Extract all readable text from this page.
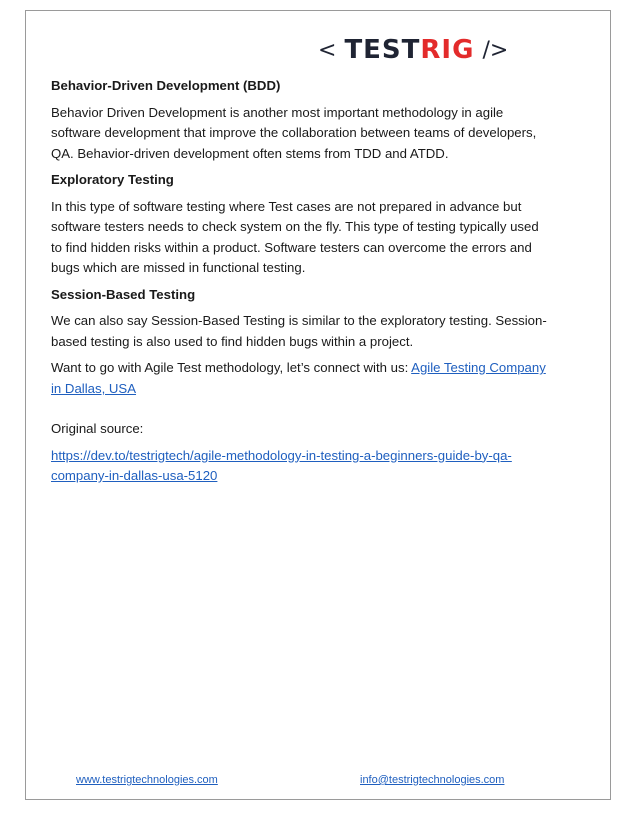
< TEST RIG />

Behavior-Driven Development (BDD)

Behavior Driven Development is another most important methodology in agile software development that improve the collaboration between teams of developers, QA. Behavior-driven development often stems from TDD and ATDD.

Exploratory Testing

In this type of software testing where Test cases are not prepared in advance but software testers needs to check system on the fly. This type of testing typically used to find hidden risks within a product. Software testers can overcome the errors and bugs which are missed in functional testing.

Session-Based Testing

We can also say Session-Based Testing is similar to the exploratory testing. Session-based testing is also used to find hidden bugs within a project.

Want to go with Agile Test methodology, let’s connect with us: Agile Testing Company in Dallas, USA

Original source:

https://dev.to/testrigtech/agile-methodology-in-testing-a-beginners-guide-by-qa-company-in-dallas-usa-5120

www.testrigtechnologies.com	info@testrigtechnologies.com
